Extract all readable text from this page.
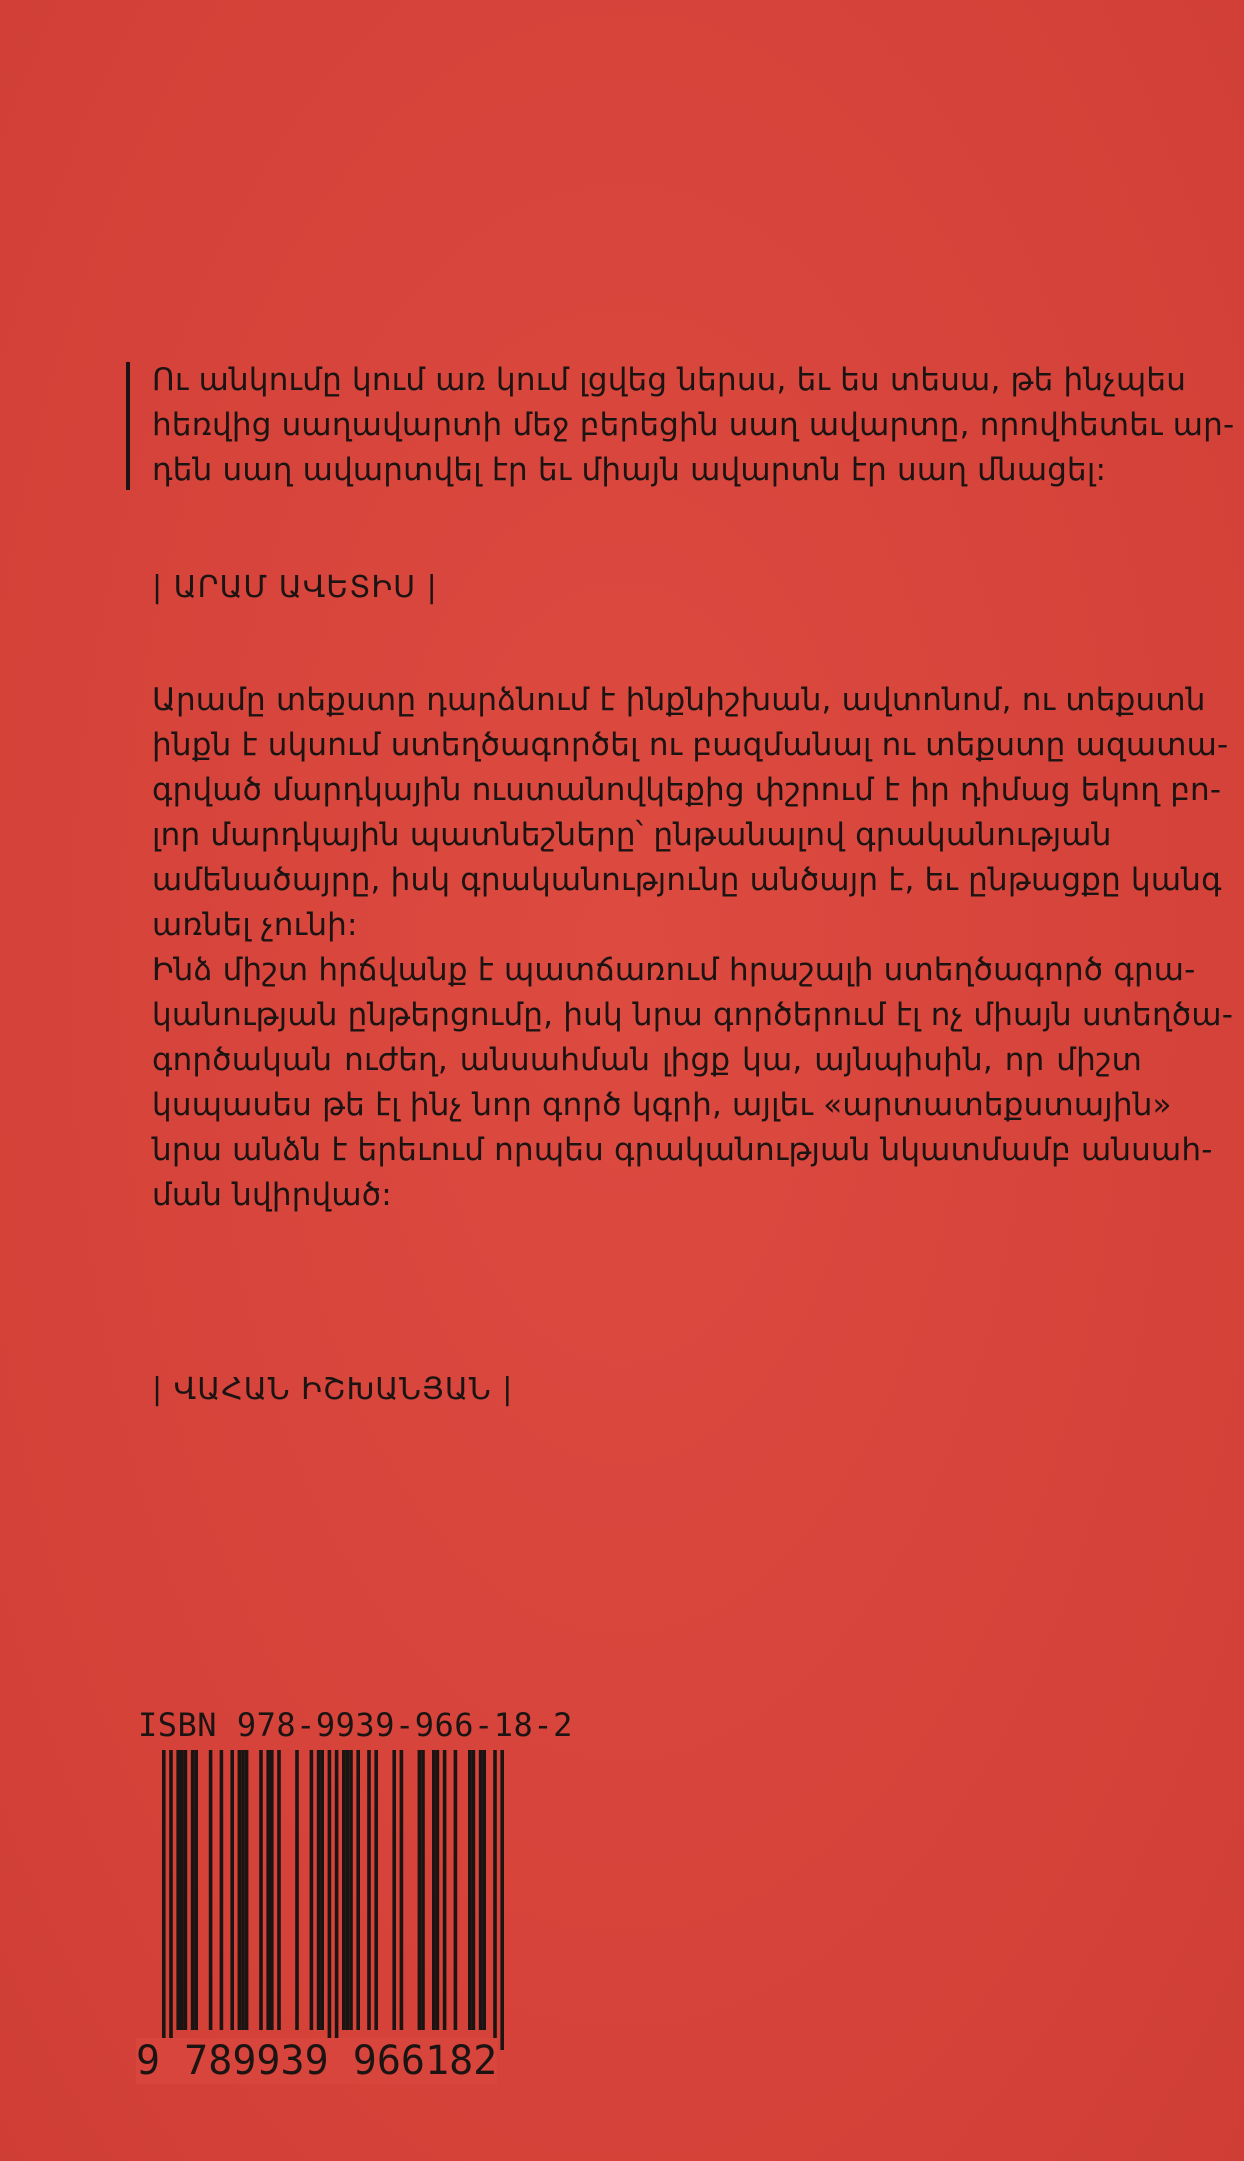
Ու անկումը կում առ կում լցվեց ներսս, եւ ես տեսա, թե ինչպես
հեռվից սաղավարտի մեջ բերեցին սաղ ավարտը, որովհետեւ ար-
դեն սաղ ավարտվել էր եւ միայն ավարտն էր սաղ մնացել:
| ԱՐԱՄ ԱՎԵՏԻՍ |
Արամը տեքստը դարձնում է ինքնիշխան, ավտոնոմ, ու տեքստն
ինքն է սկսում ստեղծագործել ու բազմանալ ու տեքստը ազատա-
գրված մարդկային ուստանովկեքից փշրում է իր դիմաց եկող բո-
լոր մարդկային պատնեշները՝ ընթանալով գրականության
ամենածայրը, իսկ գրականությունը անծայր է, եւ ընթացքը կանգ
առնել չունի:
Ինձ միշտ հրճվանք է պատճառում հրաշալի ստեղծագործ գրա-
կանության ընթերցումը, իսկ նրա գործերում էլ ոչ միայն ստեղծա-
գործական ուժեղ, անսահման լիցք կա, այնպիսին, որ միշտ
կսպասես թե էլ ինչ նոր գործ կգրի, այլեւ «արտատեքստային»
նրա անձն է երեւում որպես գրականության նկատմամբ անսահ-
ման նվիրված:
| ՎԱՀԱՆ ԻՇԽԱՆՅԱՆ |
ISBN 978-9939-966-18-2
9 789939 966182
